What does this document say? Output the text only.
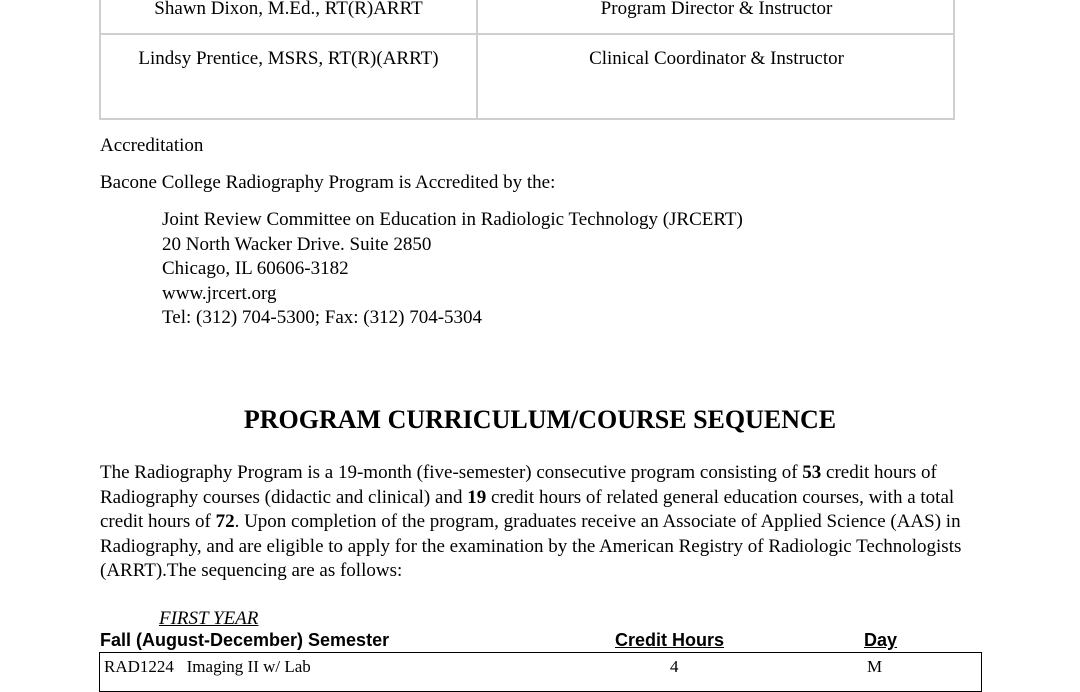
Shawn Dixon, M.Ed., RT(R)ARRT	Program Director & Instructor
Lindsy Prentice, MSRS, RT(R)(ARRT)	Clinical Coordinator & Instructor
Accreditation
Bacone College Radiography Program is Accredited by the:
Joint Review Committee on Education in Radiologic Technology (JRCERT)
20 North Wacker Drive. Suite 2850
Chicago, IL 60606-3182
www.jrcert.org
Tel: (312) 704-5300; Fax: (312) 704-5304
PROGRAM CURRICULUM/COURSE SEQUENCE
The Radiography Program is a 19-month (five-semester) consecutive program consisting of 53 credit hours of Radiography courses (didactic and clinical) and 19 credit hours of related general education courses, with a total credit hours of 72. Upon completion of the program, graduates receive an Associate of Applied Science (AAS) in Radiography, and are eligible to apply for the examination by the American Registry of Radiologic Technologists (ARRT).The sequencing are as follows:
FIRST YEAR
Fall (August-December) Semester	Credit Hours	Day
RAD1224   Imaging II w/ Lab	4	M
